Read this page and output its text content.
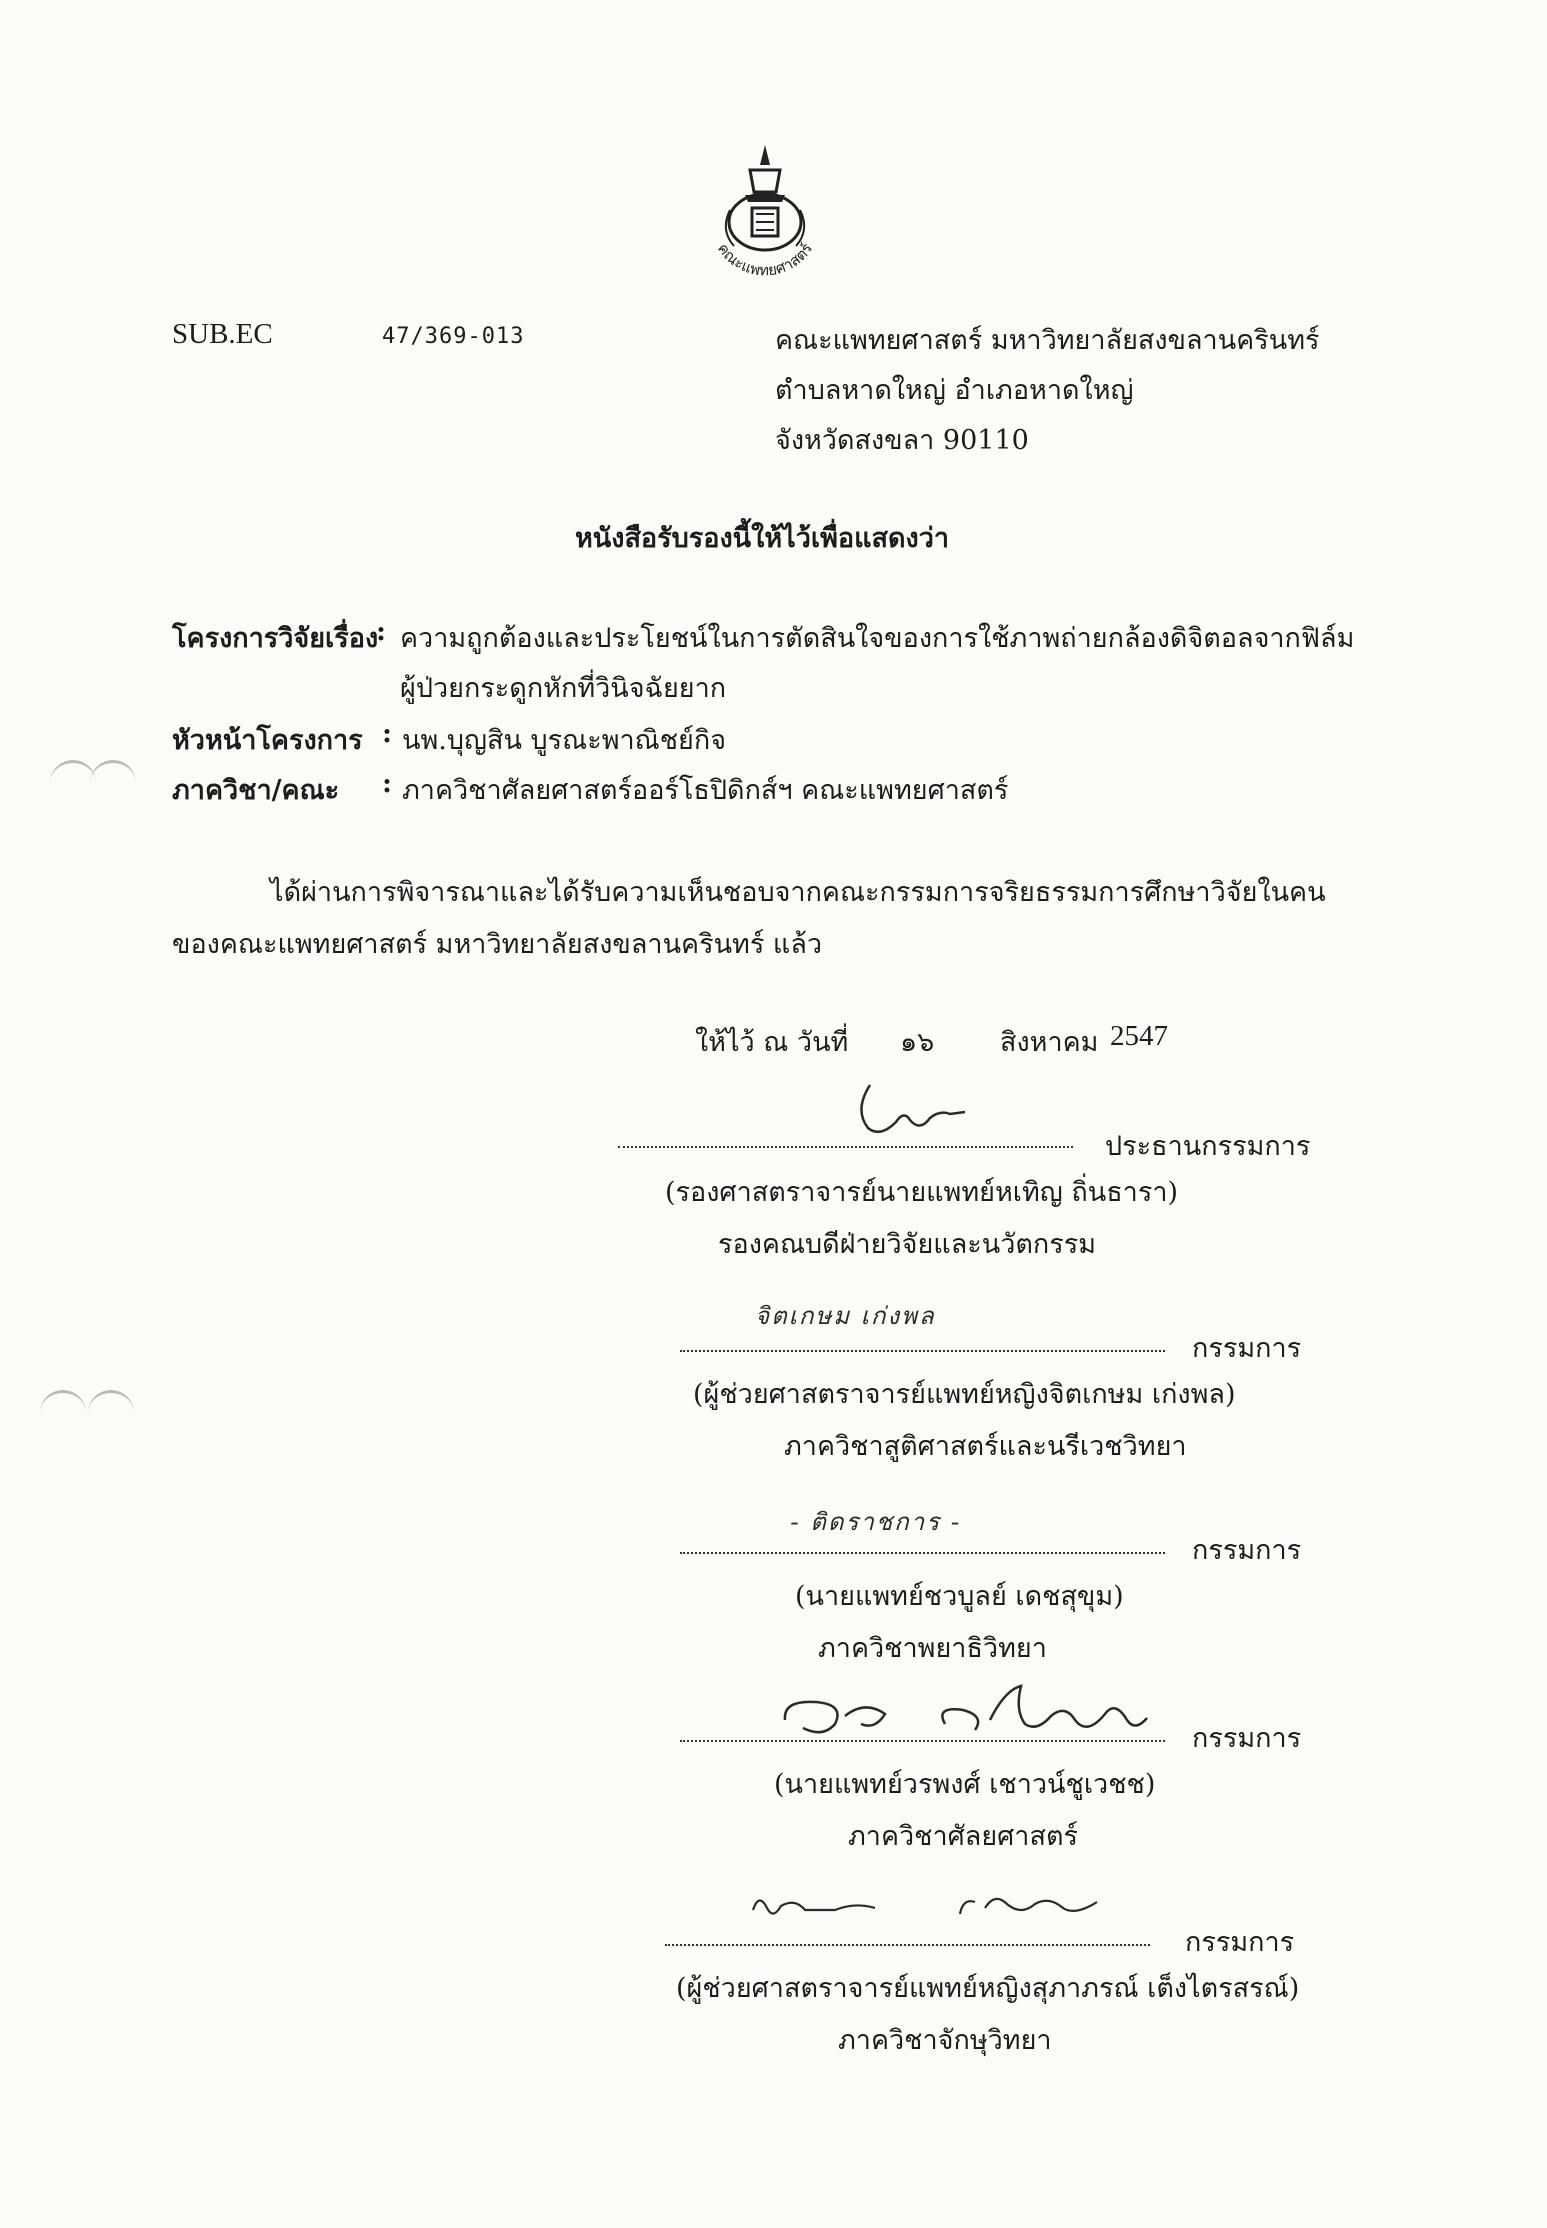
คณะแพทยศาสตร์
SUB.EC	47/369-013	คณะแพทยศาสตร์ มหาวิทยาลัยสงขลานครินทร์
ตำบลหาดใหญ่ อำเภอหาดใหญ่
จังหวัดสงขลา 90110
หนังสือรับรองนี้ให้ไว้เพื่อแสดงว่า
โครงการวิจัยเรื่อง
: ความถูกต้องและประโยชน์ในการตัดสินใจของการใช้ภาพถ่ายกล้องดิจิตอลจากฟิล์ม
ผู้ป่วยกระดูกหักที่วินิจฉัยยาก
หัวหน้าโครงการ : นพ.บุญสิน บูรณะพาณิชย์กิจ
ภาควิชา/คณะ : ภาควิชาศัลยศาสตร์ออร์โธปิดิกส์ฯ คณะแพทยศาสตร์
ได้ผ่านการพิจารณาและได้รับความเห็นชอบจากคณะกรรมการจริยธรรมการศึกษาวิจัยในคน
ของคณะแพทยศาสตร์ มหาวิทยาลัยสงขลานครินทร์ แล้ว
ให้ไว้ ณ วันที่ ๑๖ สิงหาคม 2547
ประธานกรรมการ
(รองศาสตราจารย์นายแพทย์หเทิญ ถิ่นธารา)
รองคณบดีฝ่ายวิจัยและนวัตกรรม
จิตเกษม เก่งพล
กรรมการ
(ผู้ช่วยศาสตราจารย์แพทย์หญิงจิตเกษม เก่งพล)
ภาควิชาสูติศาสตร์และนรีเวชวิทยา
- ติดราชการ -
กรรมการ
(นายแพทย์ชวบูลย์ เดชสุขุม)
ภาควิชาพยาธิวิทยา
กรรมการ
(นายแพทย์วรพงศ์ เชาวน์ชูเวชช)
ภาควิชาศัลยศาสตร์
กรรมการ
(ผู้ช่วยศาสตราจารย์แพทย์หญิงสุภาภรณ์ เต็งไตรสรณ์)
ภาควิชาจักษุวิทยา
